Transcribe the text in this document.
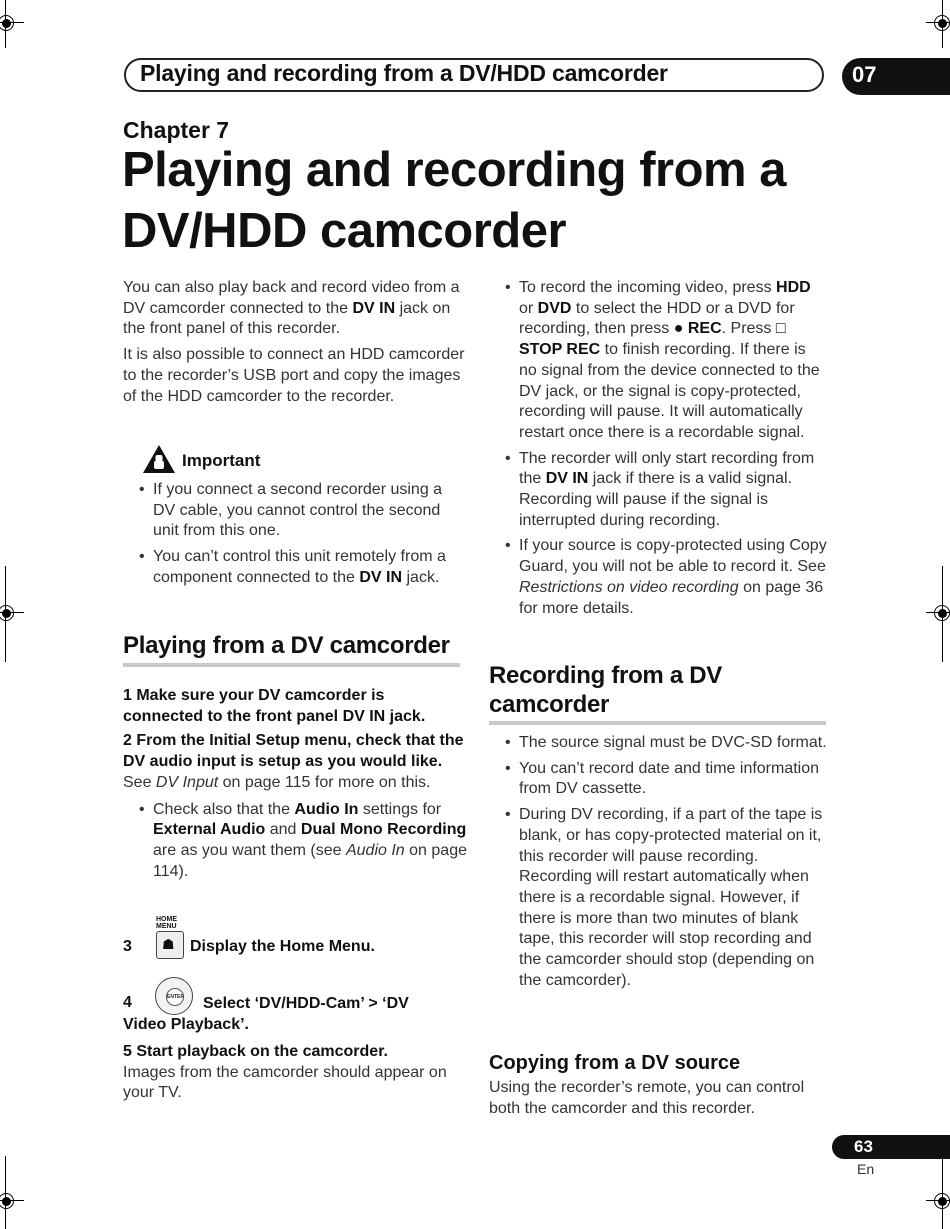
Playing and recording from a DV/HDD camcorder	07
Chapter 7
Playing and recording from a DV/HDD camcorder

You can also play back and record video from a DV camcorder connected to the DV IN jack on the front panel of this recorder.

It is also possible to connect an HDD camcorder to the recorder’s USB port and copy the images of the HDD camcorder to the recorder.

Important
• If you connect a second recorder using a DV cable, you cannot control the second unit from this one.
• You can’t control this unit remotely from a component connected to the DV IN jack.
Playing from a DV camcorder

1 Make sure your DV camcorder is connected to the front panel DV IN jack.

2 From the Initial Setup menu, check that the DV audio input is setup as you would like.

See DV Input on page 115 for more on this.

• Check also that the Audio In settings for External Audio and Dual Mono Recording are as you want them (see Audio In on page 114).
HOME MENU
☗
3	Display the Home Menu.
ENTER
4	Select ‘DV/HDD-Cam’ > ‘DV Video Playback’.

5 Start playback on the camcorder.

Images from the camcorder should appear on your TV.

• To record the incoming video, press HDD or DVD to select the HDD or a DVD for recording, then press ● REC. Press □ STOP REC to finish recording. If there is no signal from the device connected to the DV jack, or the signal is copy-protected, recording will pause. It will automatically restart once there is a recordable signal.
• The recorder will only start recording from the DV IN jack if there is a valid signal. Recording will pause if the signal is interrupted during recording.
• If your source is copy-protected using Copy Guard, you will not be able to record it. See Restrictions on video recording on page 36 for more details.
Recording from a DV camcorder
• The source signal must be DVC-SD format.
• You can’t record date and time information from DV cassette.
• During DV recording, if a part of the tape is blank, or has copy-protected material on it, this recorder will pause recording. Recording will restart automatically when there is a recordable signal. However, if there is more than two minutes of blank tape, this recorder will stop recording and the camcorder should stop (depending on the camcorder).
Copying from a DV source

Using the recorder’s remote, you can control both the camcorder and this recorder.

63
En
